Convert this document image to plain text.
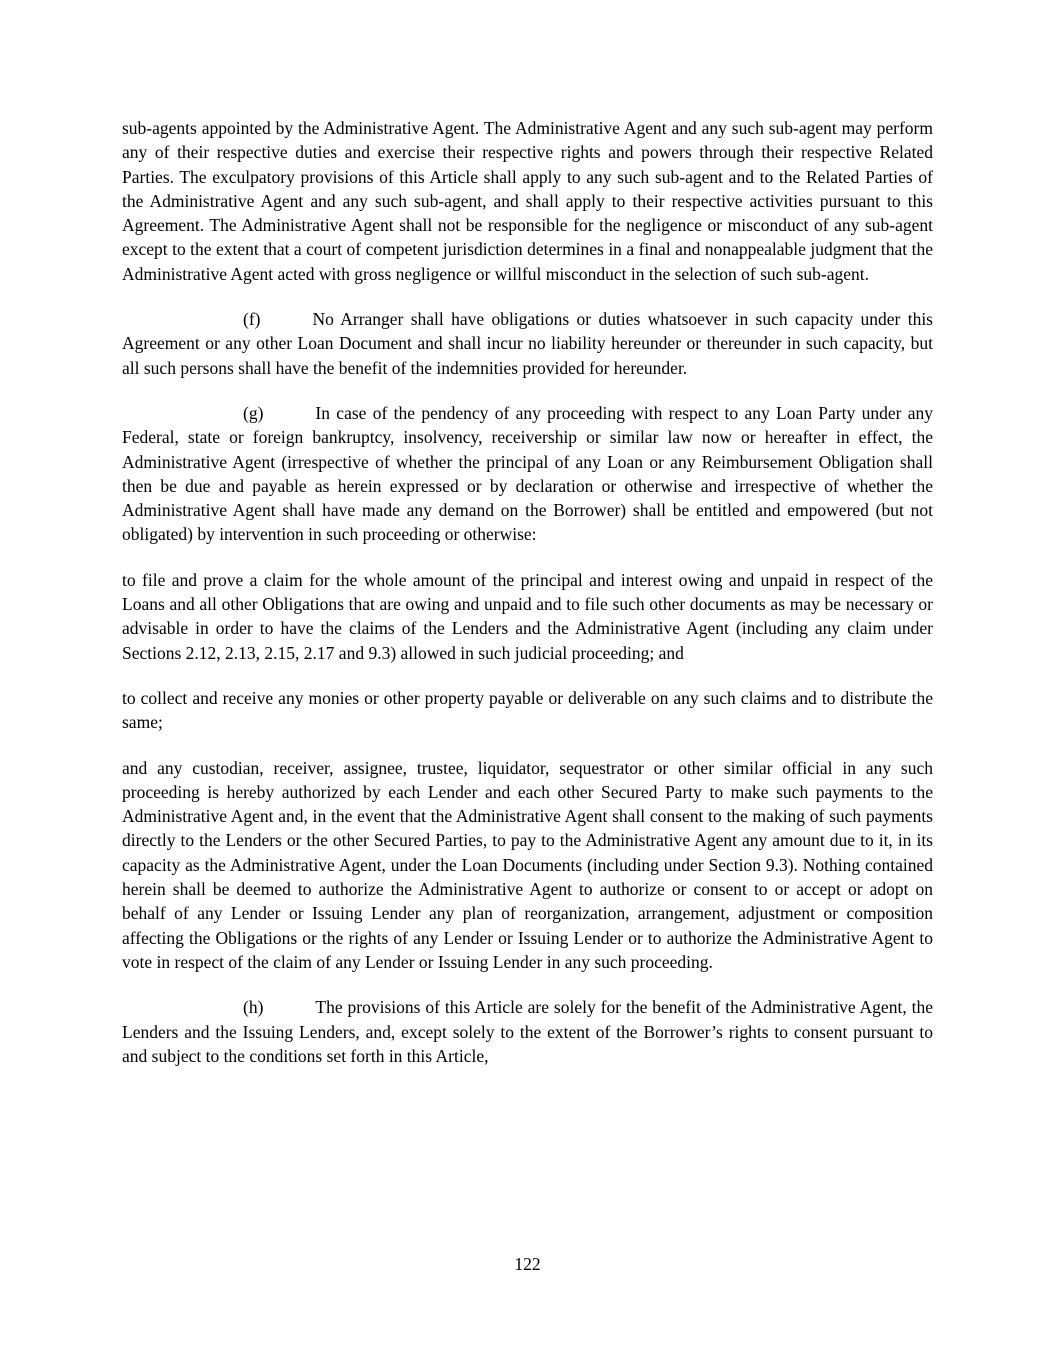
sub-agents appointed by the Administrative Agent. The Administrative Agent and any such sub-agent may perform any of their respective duties and exercise their respective rights and powers through their respective Related Parties. The exculpatory provisions of this Article shall apply to any such sub-agent and to the Related Parties of the Administrative Agent and any such sub-agent, and shall apply to their respective activities pursuant to this Agreement. The Administrative Agent shall not be responsible for the negligence or misconduct of any sub-agent except to the extent that a court of competent jurisdiction determines in a final and nonappealable judgment that the Administrative Agent acted with gross negligence or willful misconduct in the selection of such sub-agent.

(f)	No Arranger shall have obligations or duties whatsoever in such capacity under this Agreement or any other Loan Document and shall incur no liability hereunder or thereunder in such capacity, but all such persons shall have the benefit of the indemnities provided for hereunder.

(g)	In case of the pendency of any proceeding with respect to any Loan Party under any Federal, state or foreign bankruptcy, insolvency, receivership or similar law now or hereafter in effect, the Administrative Agent (irrespective of whether the principal of any Loan or any Reimbursement Obligation shall then be due and payable as herein expressed or by declaration or otherwise and irrespective of whether the Administrative Agent shall have made any demand on the Borrower) shall be entitled and empowered (but not obligated) by intervention in such proceeding or otherwise:

to file and prove a claim for the whole amount of the principal and interest owing and unpaid in respect of the Loans and all other Obligations that are owing and unpaid and to file such other documents as may be necessary or advisable in order to have the claims of the Lenders and the Administrative Agent (including any claim under Sections 2.12, 2.13, 2.15, 2.17 and 9.3) allowed in such judicial proceeding; and

to collect and receive any monies or other property payable or deliverable on any such claims and to distribute the same;

and any custodian, receiver, assignee, trustee, liquidator, sequestrator or other similar official in any such proceeding is hereby authorized by each Lender and each other Secured Party to make such payments to the Administrative Agent and, in the event that the Administrative Agent shall consent to the making of such payments directly to the Lenders or the other Secured Parties, to pay to the Administrative Agent any amount due to it, in its capacity as the Administrative Agent, under the Loan Documents (including under Section 9.3). Nothing contained herein shall be deemed to authorize the Administrative Agent to authorize or consent to or accept or adopt on behalf of any Lender or Issuing Lender any plan of reorganization, arrangement, adjustment or composition affecting the Obligations or the rights of any Lender or Issuing Lender or to authorize the Administrative Agent to vote in respect of the claim of any Lender or Issuing Lender in any such proceeding.

(h)	The provisions of this Article are solely for the benefit of the Administrative Agent, the Lenders and the Issuing Lenders, and, except solely to the extent of the Borrower’s rights to consent pursuant to and subject to the conditions set forth in this Article,

122
